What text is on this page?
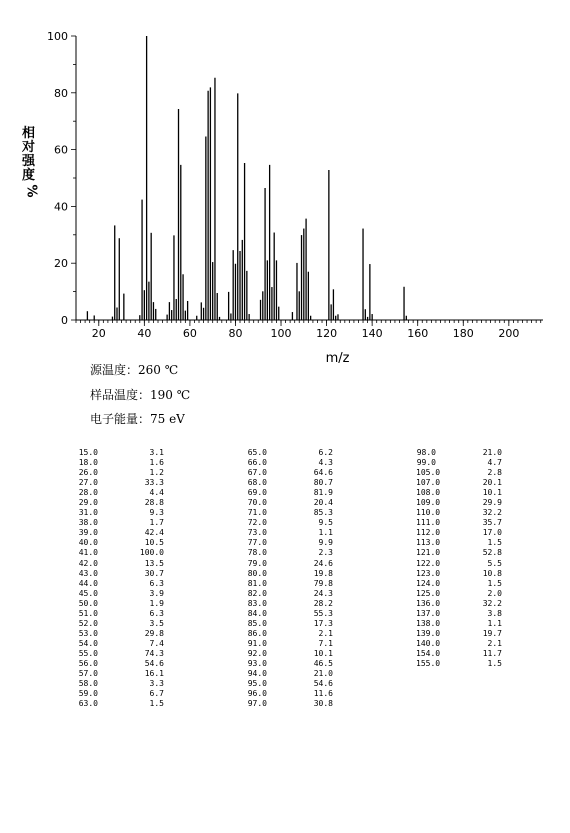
0
20
40
60
80
100
20	40	60	80	100 120 140 160 180 200
m/z
相
对
强
度
%
源温度：260 ℃
样品温度：190 ℃
电子能量：75 eV
15.0	3.1
18.0	1.6
26.0	1.2
27.0	33.3
28.0	4.4
29.0	28.8
31.0	9.3
38.0	1.7
39.0	42.4
40.0	10.5
41.0	100.0
42.0	13.5
43.0	30.7
44.0	6.3
45.0	3.9
50.0	1.9
51.0	6.3
52.0	3.5
53.0	29.8
54.0	7.4
55.0	74.3
56.0	54.6
57.0	16.1
58.0	3.3
59.0	6.7
63.0	1.5
65.0	6.2
66.0	4.3
67.0	64.6
68.0	80.7
69.0	81.9
70.0	20.4
71.0	85.3
72.0	9.5
73.0	1.1
77.0	9.9
78.0	2.3
79.0	24.6
80.0	19.8
81.0	79.8
82.0	24.3
83.0	28.2
84.0	55.3
85.0	17.3
86.0	2.1
91.0	7.1
92.0	10.1
93.0	46.5
94.0	21.0
95.0	54.6
96.0	11.6
97.0	30.8
98.0	21.0
99.0	4.7
105.0	2.8
107.0	20.1
108.0	10.1
109.0	29.9
110.0	32.2
111.0	35.7
112.0	17.0
113.0	1.5
121.0	52.8
122.0	5.5
123.0	10.8
124.0	1.5
125.0	2.0
136.0	32.2
137.0	3.8
138.0	1.1
139.0	19.7
140.0	2.1
154.0	11.7
155.0	1.5
